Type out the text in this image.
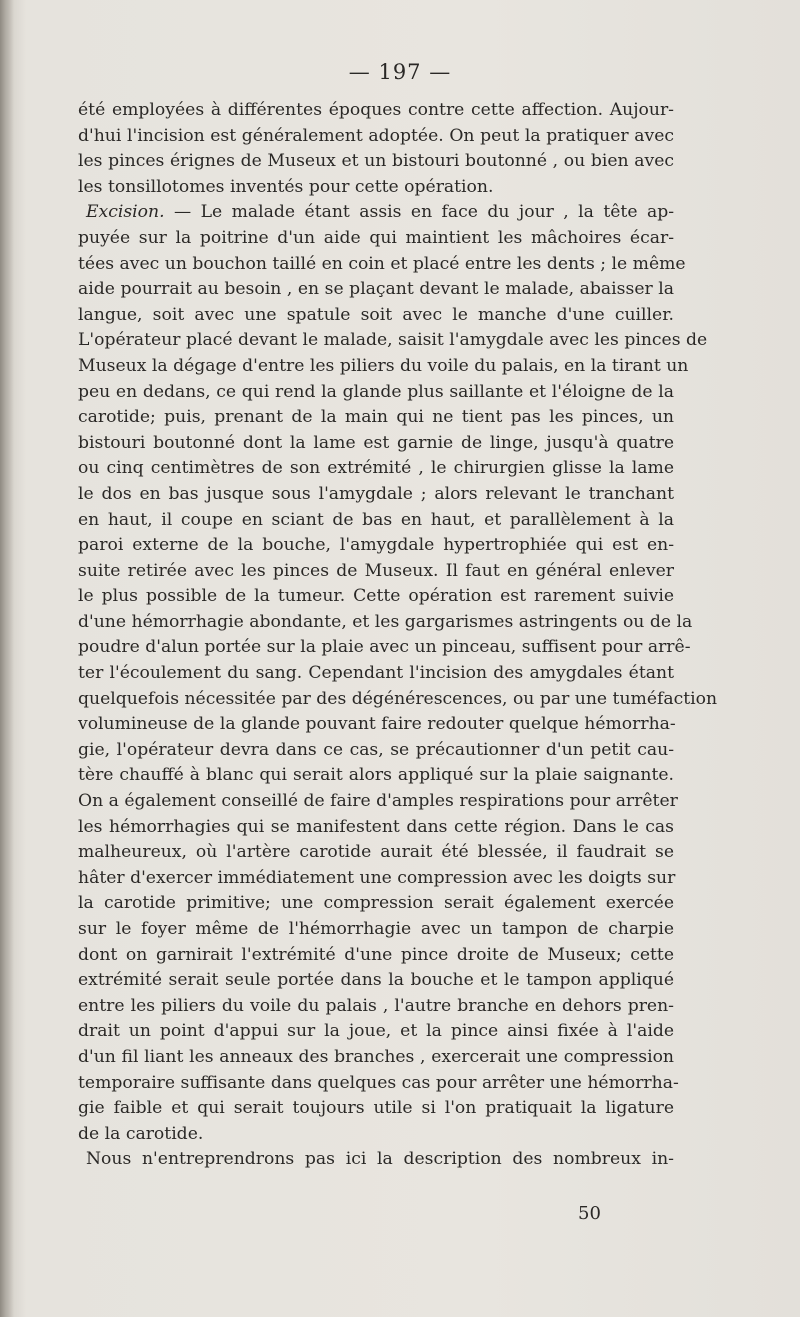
— 197 —
été employées à différentes époques contre cette affection. Aujour-
d'hui l'incision est généralement adoptée. On peut la pratiquer avec
les pinces érignes de Museux et un bistouri boutonné , ou bien avec
les tonsillotomes inventés pour cette opération.
Excision. — Le malade étant assis en face du jour , la tête ap-
puyée sur la poitrine d'un aide qui maintient les mâchoires écar-
tées avec un bouchon taillé en coin et placé entre les dents ; le même
aide pourrait au besoin , en se plaçant devant le malade, abaisser la
langue, soit avec une spatule soit avec le manche d'une cuiller.
L'opérateur placé devant le malade, saisit l'amygdale avec les pinces de
Museux la dégage d'entre les piliers du voile du palais, en la tirant un
peu en dedans, ce qui rend la glande plus saillante et l'éloigne de la
carotide; puis, prenant de la main qui ne tient pas les pinces, un
bistouri boutonné dont la lame est garnie de linge, jusqu'à quatre
ou cinq centimètres de son extrémité , le chirurgien glisse la lame
le dos en bas jusque sous l'amygdale ; alors relevant le tranchant
en haut, il coupe en sciant de bas en haut, et parallèlement à la
paroi externe de la bouche, l'amygdale hypertrophiée qui est en-
suite retirée avec les pinces de Museux. Il faut en général enlever
le plus possible de la tumeur. Cette opération est rarement suivie
d'une hémorrhagie abondante, et les gargarismes astringents ou de la
poudre d'alun portée sur la plaie avec un pinceau, suffisent pour arrê-
ter l'écoulement du sang. Cependant l'incision des amygdales étant
quelquefois nécessitée par des dégénérescences, ou par une tuméfaction
volumineuse de la glande pouvant faire redouter quelque hémorrha-
gie, l'opérateur devra dans ce cas, se précautionner d'un petit cau-
tère chauffé à blanc qui serait alors appliqué sur la plaie saignante.
On a également conseillé de faire d'amples respirations pour arrêter
les hémorrhagies qui se manifestent dans cette région. Dans le cas
malheureux, où l'artère carotide aurait été blessée, il faudrait se
hâter d'exercer immédiatement une compression avec les doigts sur
la carotide primitive; une compression serait également exercée
sur le foyer même de l'hémorrhagie avec un tampon de charpie
dont on garnirait l'extrémité d'une pince droite de Museux; cette
extrémité serait seule portée dans la bouche et le tampon appliqué
entre les piliers du voile du palais , l'autre branche en dehors pren-
drait un point d'appui sur la joue, et la pince ainsi fixée à l'aide
d'un fil liant les anneaux des branches , exercerait une compression
temporaire suffisante dans quelques cas pour arrêter une hémorrha-
gie faible et qui serait toujours utile si l'on pratiquait la ligature
de la carotide.
Nous n'entreprendrons pas ici la description des nombreux in-
50
